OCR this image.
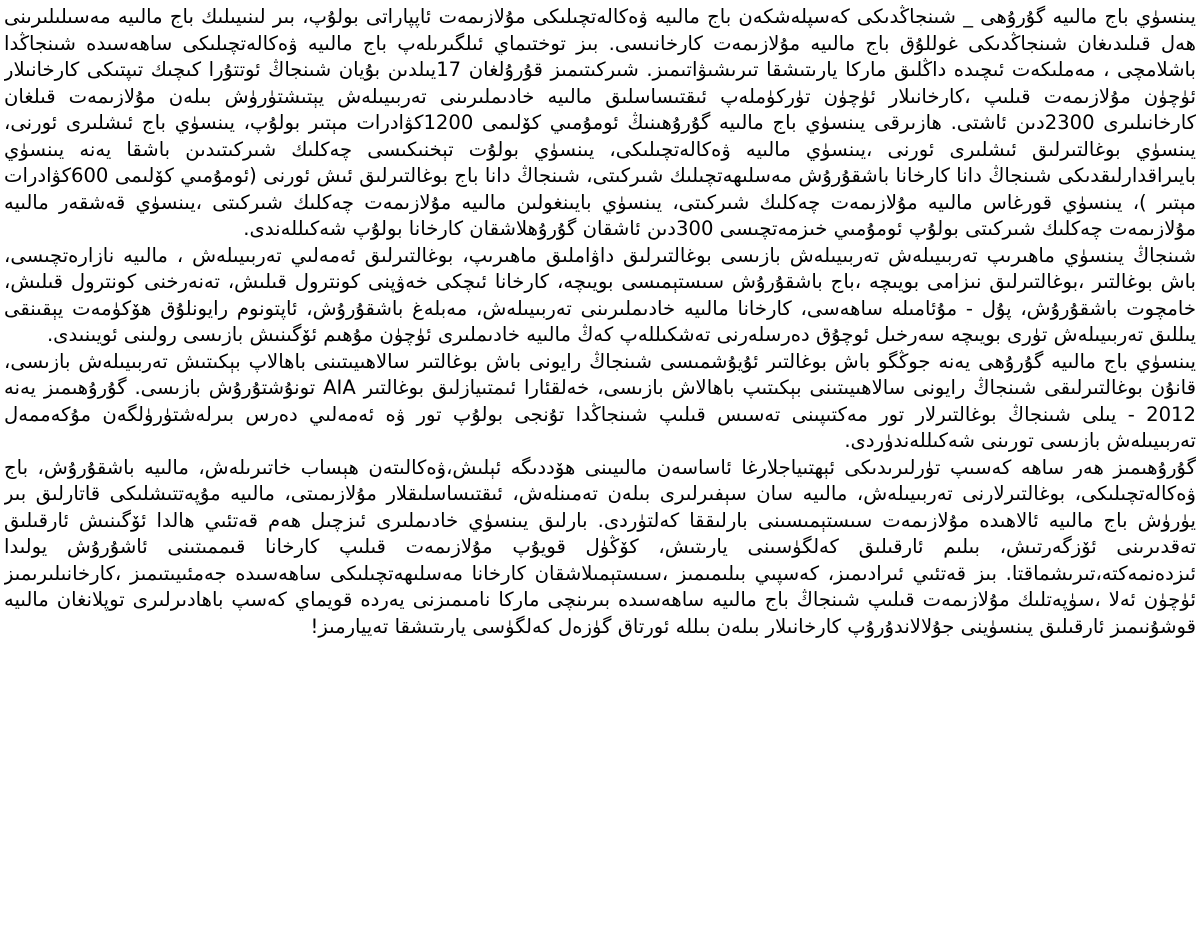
يىنسۈي باج مالىيە گۇرۇھى _ شىنجاڭدىكى كەسپلەشكەن باج مالىيە ۋەكالەتچىلىكى مۇلازىمەت ئاپپاراتى بولۇپ، بىر لىنىيىلىك باج مالىيە مەسىلىلىرىنى ھەل قىلىدىغان شىنجاڭدىكى غوللۇق باج مالىيە مۇلازىمەت كارخانىسى. بىز توختىماي ئىلگىرىلەپ باج مالىيە ۋەكالەتچىلىكى ساھەسىدە شىنجاڭدا باشلامچى ، مەملىكەت ئىچىدە داڭلىق ماركا يارىتىشقا تىرىشىۋاتىمىز. شىركىتىمىز قۇرۇلغان 17يىلدىن بۇيان شىنجاڭ ئوتتۇرا كىچىك تىپتىكى كارخانىلار ئۈچۈن مۇلازىمەت قىلىپ ،كارخانىلار ئۈچۈن تۈركۈملەپ ئىقتىساسلىق مالىيە خادىملىرىنى تەربىيىلەش يېتىشتۈرۈش بىلەن مۇلازىمەت قىلغان كارخانىلىرى 2300دىن ئاشتى. ھازىرقى يىنسۈي باج مالىيە گۇرۇھىنىڭ ئومۇمىي كۆلىمى 1200كۋادرات مېتىر بولۇپ، يىنسۈي باج ئىشلىرى ئورنى، يىنسۈي بوغالتىرلىق ئىشلىرى ئورنى ،يىنسۈي مالىيە ۋەكالەتچىلىكى، يىنسۈي بولۇت تېخنىكىسى چەكلىك شىركىتىدىن باشقا يەنە يىنسۈي بايىراقدارلىقدىكى شىنجاڭ دانا كارخانا باشقۇرۇش مەسلىھەتچىلىك شىركىتى، شىنجاڭ دانا باج بوغالتىرلىق ئىش ئورنى (ئومۇمىي كۆلىمى 600كۋادرات مېتىر )، يىنسۈي قورغاس مالىيە مۇلازىمەت چەكلىك شىركىتى، يىنسۈي بايىنغولىن مالىيە مۇلازىمەت چەكلىك شىركىتى ،يىنسۈي قەشقەر مالىيە مۇلازىمەت چەكلىك شىركىتى بولۇپ ئومۇمىي خىزمەتچىسى 300دىن ئاشقان گۇرۇھلاشقان كارخانا بولۇپ شەكىللەندى.

شىنجاڭ يىنسۈي ماھىرىپ تەربىيىلەش تەربىيىلەش بازىسى بوغالتىرلىق داۋاملىق ماھىرىپ، بوغالتىرلىق ئەمەلىي تەربىيىلەش ، مالىيە نازارەتچىسى، باش بوغالتىر ،بوغالتىرلىق نىزامى بويىچە ،باج باشقۇرۇش سىستېمىسى بويىچە، كارخانا ئىچكى خەۋپنى كونترول قىلىش، تەنەرخنى كونترول قىلىش، خامچوت باشقۇرۇش، پۇل - مۇئامىلە ساھەسى، كارخانا مالىيە خادىملىرىنى تەربىيىلەش، مەبلەغ باشقۇرۇش، ئاپتونوم رايونلۇق ھۆكۈمەت يېقىنقى يىللىق تەربىيىلەش تۈرى بويىچە سەرخىل ئوچۇق دەرسلەرنى تەشكىللەپ كەڭ مالىيە خادىملىرى ئۈچۈن مۇھىم ئۆگىنىش بازىسى رولىنى ئويىنىدى.

يىنسۈي باج مالىيە گۇرۇھى يەنە جوڭگو باش بوغالتىر ئۇيۇشمىسى شىنجاڭ رايونى باش بوغالتىر سالاھىيىتىنى باھالاپ بېكىتىش تەربىيىلەش بازىسى، قانۇن بوغالتىرلىقى شىنجاڭ رايونى سالاھىيىتىنى بېكىتىپ باھالاش بازىسى، خەلقئارا ئىمتىيازلىق بوغالتىر AIA تونۇشتۇرۇش بازىسى. گۇرۇھىمىز يەنە 2012 - يىلى شىنجاڭ بوغالتىرلار تور مەكتىپىنى تەسىس قىلىپ شىنجاڭدا تۇنجى بولۇپ تور ۋە ئەمەلىي دەرس بىرلەشتۈرۈلگەن مۇكەممەل تەربىيىلەش بازىسى تورىنى شەكىللەندۈردى.

گۇرۇھىمىز ھەر ساھە كەسىپ تۈرلىرىدىكى ئېھتىياجلارغا ئاساسەن مالىيىنى ھۆددىگە ئېلىش،ۋەكالىتەن ھېساب خاتىرىلەش، مالىيە باشقۇرۇش، باج ۋەكالەتچىلىكى، بوغالتىرلارنى تەربىيىلەش، مالىيە سان سېفىرلىرى بىلەن تەمىنلەش، ئىقتىساسلىقلار مۇلازىمىتى، مالىيە مۇپەتتىشلىكى قاتارلىق بىر يۈرۈش باج مالىيە ئالاھىدە مۇلازىمەت سىستېمىسىنى بارلىققا كەلتۈردى. بارلىق يىنسۈي خادىملىرى ئىزچىل ھەم قەتئىي ھالدا ئۆگىنىش ئارقىلىق تەقدىرىنى ئۆزگەرتىش، بىلىم ئارقىلىق كەلگۈسىنى يارىتىش، كۆڭۈل قويۇپ مۇلازىمەت قىلىپ كارخانا قىممىتىنى ئاشۇرۇش يولىدا ئىزدەنمەكتە،تىرىشماقتا. بىز قەتئىي ئىرادىمىز، كەسپىي بىلىمىمىز ،سىستېمىلاشقان كارخانا مەسلىھەتچىلىكى ساھەسىدە جەمئىيىتىمىز ،كارخانىلىرىمىز ئۈچۈن ئەلا ،سۈپەتلىك مۇلازىمەت قىلىپ شىنجاڭ باج مالىيە ساھەسىدە بىرىنچى ماركا نامىمىزنى يەردە قويماي كەسپ باھادىرلىرى توپلانغان مالىيە قوشۇنىمىز ئارقىلىق يىنسۈينى جۇلالاندۇرۇپ كارخانىلار بىلەن بىللە ئورتاق گۈزەل كەلگۈسى يارىتىشقا تەييارمىز!
